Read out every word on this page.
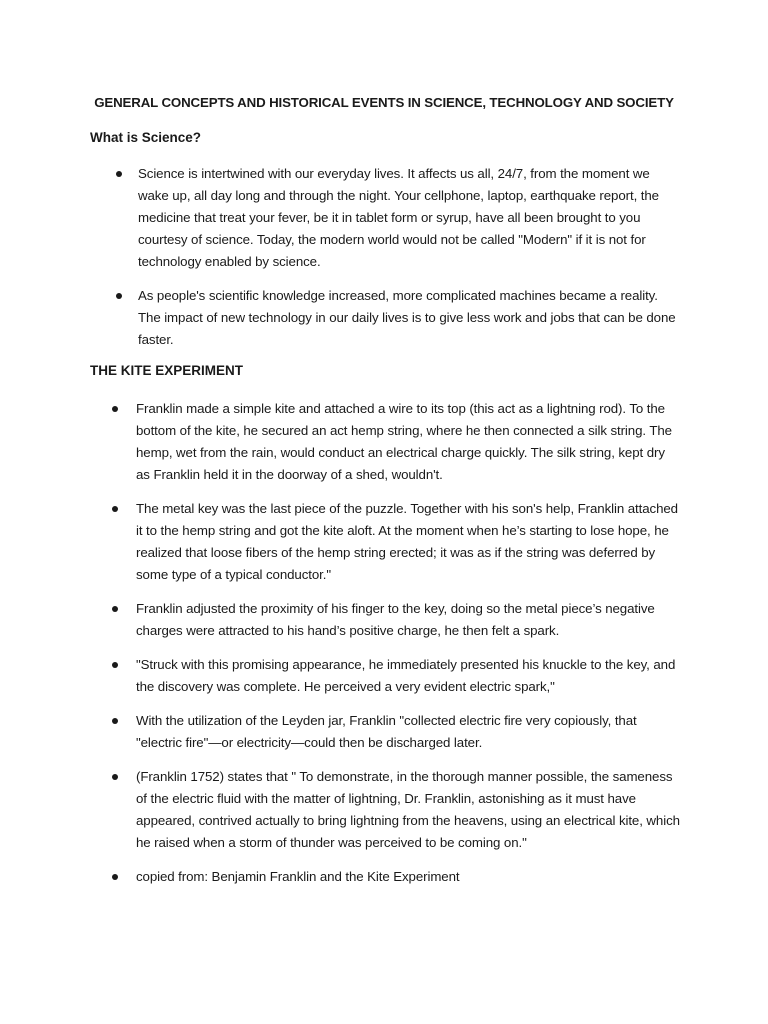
GENERAL CONCEPTS AND HISTORICAL EVENTS IN SCIENCE, TECHNOLOGY AND SOCIETY
What is Science?
Science is intertwined with our everyday lives. It affects us all, 24/7, from the moment we wake up, all day long and through the night. Your cellphone, laptop, earthquake report, the medicine that treat your fever, be it in tablet form or syrup, have all been brought to you courtesy of science. Today, the modern world would not be called "Modern" if it is not for technology enabled by science.
As people's scientific knowledge increased, more complicated machines became a reality. The impact of new technology in our daily lives is to give less work and jobs that can be done faster.
THE KITE EXPERIMENT
Franklin made a simple kite and attached a wire to its top (this act as a lightning rod). To the bottom of the kite, he secured an act hemp string, where he then connected a silk string. The hemp, wet from the rain, would conduct an electrical charge quickly. The silk string, kept dry as Franklin held it in the doorway of a shed, wouldn't.
The metal key was the last piece of the puzzle. Together with his son's help, Franklin attached it to the hemp string and got the kite aloft. At the moment when he’s starting to lose hope, he realized that loose fibers of the hemp string erected; it was as if the string was deferred by some type of a typical conductor."
Franklin adjusted the proximity of his finger to the key, doing so the metal piece’s negative charges were attracted to his hand’s positive charge, he then felt a spark.
"Struck with this promising appearance, he immediately presented his knuckle to the key, and the discovery was complete. He perceived a very evident electric spark,"
With the utilization of the Leyden jar, Franklin "collected electric fire very copiously, that "electric fire"—or electricity—could then be discharged later.
(Franklin 1752) states that " To demonstrate, in the thorough manner possible, the sameness of the electric fluid with the matter of lightning, Dr. Franklin, astonishing as it must have appeared, contrived actually to bring lightning from the heavens, using an electrical kite, which he raised when a storm of thunder was perceived to be coming on."
copied from: Benjamin Franklin and the Kite Experiment
